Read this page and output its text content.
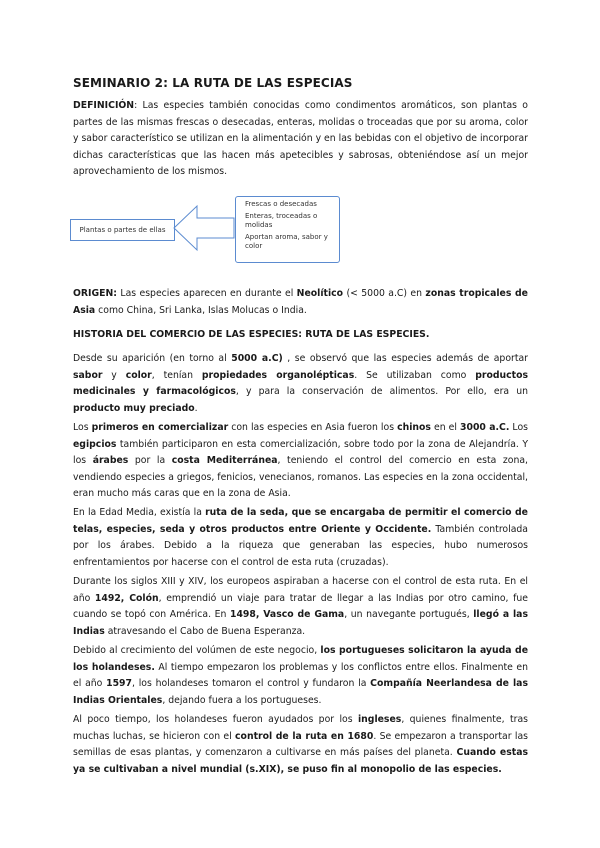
SEMINARIO 2: LA RUTA DE LAS ESPECIAS

DEFINICIÓN: Las especies también conocidas como condimentos aromáticos, son plantas o partes de las mismas frescas o desecadas, enteras, molidas o troceadas que por su aroma, color y sabor característico se utilizan en la alimentación y en las bebidas con el objetivo de incorporar dichas características que las hacen más apetecibles y sabrosas, obteniéndose así un mejor aprovechamiento de los mismos.

Plantas o partes de ellas
Frescas o desecadas
Enteras, troceadas o molidas
Aportan aroma, sabor y color

ORIGEN: Las especies aparecen en durante el Neolítico (< 5000 a.C) en zonas tropicales de Asia como China, Sri Lanka, Islas Molucas o India.

HISTORIA DEL COMERCIO DE LAS ESPECIES: RUTA DE LAS ESPECIES.

Desde su aparición (en torno al 5000 a.C) , se observó que las especies además de aportar sabor y color, tenían propiedades organolépticas. Se utilizaban como productos medicinales y farmacológicos, y para la conservación de alimentos. Por ello, era un producto muy preciado.

Los primeros en comercializar con las especies en Asia fueron los chinos en el 3000 a.C. Los egipcios también participaron en esta comercialización, sobre todo por la zona de Alejandría. Y los árabes por la costa Mediterránea, teniendo el control del comercio en esta zona, vendiendo especies a griegos, fenicios, venecianos, romanos. Las especies en la zona occidental, eran mucho más caras que en la zona de Asia.

En la Edad Media, existía la ruta de la seda, que se encargaba de permitir el comercio de telas, especies, seda y otros productos entre Oriente y Occidente. También controlada por los árabes. Debido a la riqueza que generaban las especies, hubo numerosos enfrentamientos por hacerse con el control de esta ruta (cruzadas).

Durante los siglos XIII y XIV, los europeos aspiraban a hacerse con el control de esta ruta. En el año 1492, Colón, emprendió un viaje para tratar de llegar a las Indias por otro camino, fue cuando se topó con América. En 1498, Vasco de Gama, un navegante portugués, llegó a las Indias atravesando el Cabo de Buena Esperanza.

Debido al crecimiento del volúmen de este negocio, los portugueses solicitaron la ayuda de los holandeses. Al tiempo empezaron los problemas y los conflictos entre ellos. Finalmente en el año 1597, los holandeses tomaron el control y fundaron la Compañía Neerlandesa de las Indias Orientales, dejando fuera a los portugueses.

Al poco tiempo, los holandeses fueron ayudados por los ingleses, quienes finalmente, tras muchas luchas, se hicieron con el control de la ruta en 1680. Se empezaron a transportar las semillas de esas plantas, y comenzaron a cultivarse en más países del planeta. Cuando estas ya se cultivaban a nivel mundial (s.XIX), se puso fin al monopolio de las especies.
